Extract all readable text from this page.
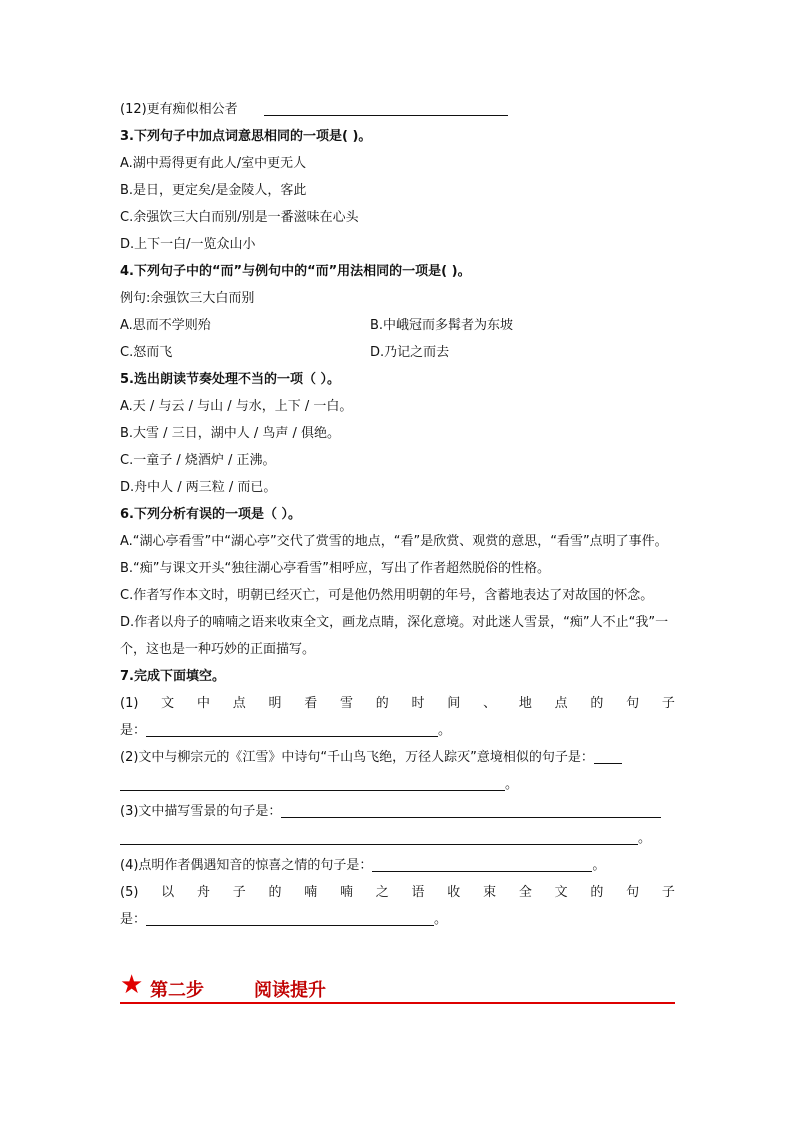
(12)更有痴似相公者
3.下列句子中加点词意思相同的一项是( )。
A.湖中焉得更有此人/室中更无人
B.是日，更定矣/是金陵人，客此
C.余强饮三大白而别/别是一番滋味在心头
D.上下一白/一览众山小
4.下列句子中的“而”与例句中的“而”用法相同的一项是( )。
例句:余强饮三大白而别
A.思而不学则殆	B.中峨冠而多髯者为东坡
C.怒而飞	D.乃记之而去
5.选出朗读节奏处理不当的一项（ ）。
A.天 / 与云 / 与山 / 与水，上下 / 一白。
B.大雪 / 三日，湖中人 / 鸟声 / 俱绝。
C.一童子 / 烧酒炉 / 正沸。
D.舟中人 / 两三粒 / 而已。
6.下列分析有误的一项是（ ）。
A.“湖心亭看雪”中“湖心亭”交代了赏雪的地点，“看”是欣赏、观赏的意思，“看雪”点明了事件。
B.“痴”与课文开头“独往湖心亭看雪”相呼应，写出了作者超然脱俗的性格。
C.作者写作本文时，明朝已经灭亡，可是他仍然用明朝的年号，含蓄地表达了对故国的怀念。
D.作者以舟子的喃喃之语来收束全文，画龙点睛，深化意境。对此迷人雪景，“痴”人不止“我”一个，这也是一种巧妙的正面描写。
7.完成下面填空。
(1) 文 中 点 明 看 雪 的 时 间 、 地 点 的 句 子
是：	。
(2)文中与柳宗元的《江雪》中诗句“千山鸟飞绝，万径人踪灭”意境相似的句子是：
。
(3)文中描写雪景的句子是：
。
(4)点明作者偶遇知音的惊喜之情的句子是：	。
(5) 以 舟 子 的 喃 喃 之 语 收 束 全 文 的 句 子
是：	。
★ 第二步	阅读提升
